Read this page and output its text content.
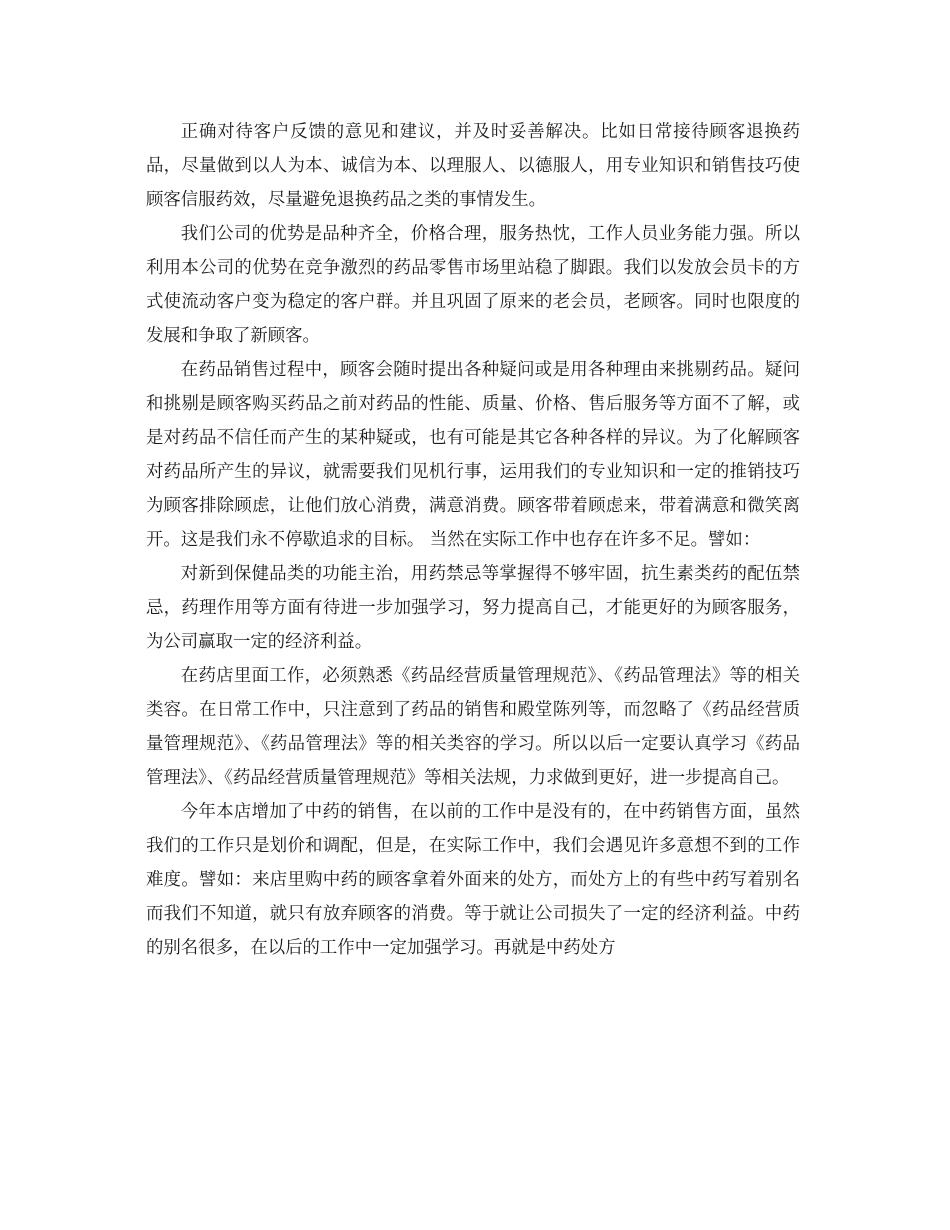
正确对待客户反馈的意见和建议，并及时妥善解决。比如日常接待顾客退换药品，尽量做到以人为本、诚信为本、以理服人、以德服人，用专业知识和销售技巧使顾客信服药效，尽量避免退换药品之类的事情发生。

我们公司的优势是品种齐全，价格合理，服务热忱，工作人员业务能力强。所以利用本公司的优势在竞争激烈的药品零售市场里站稳了脚跟。我们以发放会员卡的方式使流动客户变为稳定的客户群。并且巩固了原来的老会员，老顾客。同时也限度的发展和争取了新顾客。

在药品销售过程中，顾客会随时提出各种疑问或是用各种理由来挑剔药品。疑问和挑剔是顾客购买药品之前对药品的性能、质量、价格、售后服务等方面不了解，或是对药品不信任而产生的某种疑或，也有可能是其它各种各样的异议。为了化解顾客对药品所产生的异议，就需要我们见机行事，运用我们的专业知识和一定的推销技巧为顾客排除顾虑，让他们放心消费，满意消费。顾客带着顾虑来，带着满意和微笑离开。这是我们永不停歇追求的目标。 当然在实际工作中也存在许多不足。譬如：

对新到保健品类的功能主治，用药禁忌等掌握得不够牢固，抗生素类药的配伍禁忌，药理作用等方面有待进一步加强学习，努力提高自己，才能更好的为顾客服务，为公司赢取一定的经济利益。

在药店里面工作，必须熟悉《药品经营质量管理规范》、《药品管理法》等的相关类容。在日常工作中，只注意到了药品的销售和殿堂陈列等，而忽略了《药品经营质量管理规范》、《药品管理法》等的相关类容的学习。所以以后一定要认真学习《药品管理法》、《药品经营质量管理规范》等相关法规，力求做到更好，进一步提高自己。

今年本店增加了中药的销售，在以前的工作中是没有的，在中药销售方面，虽然我们的工作只是划价和调配，但是，在实际工作中，我们会遇见许多意想不到的工作难度。譬如：来店里购中药的顾客拿着外面来的处方，而处方上的有些中药写着别名而我们不知道，就只有放弃顾客的消费。等于就让公司损失了一定的经济利益。中药的别名很多，在以后的工作中一定加强学习。再就是中药处方
